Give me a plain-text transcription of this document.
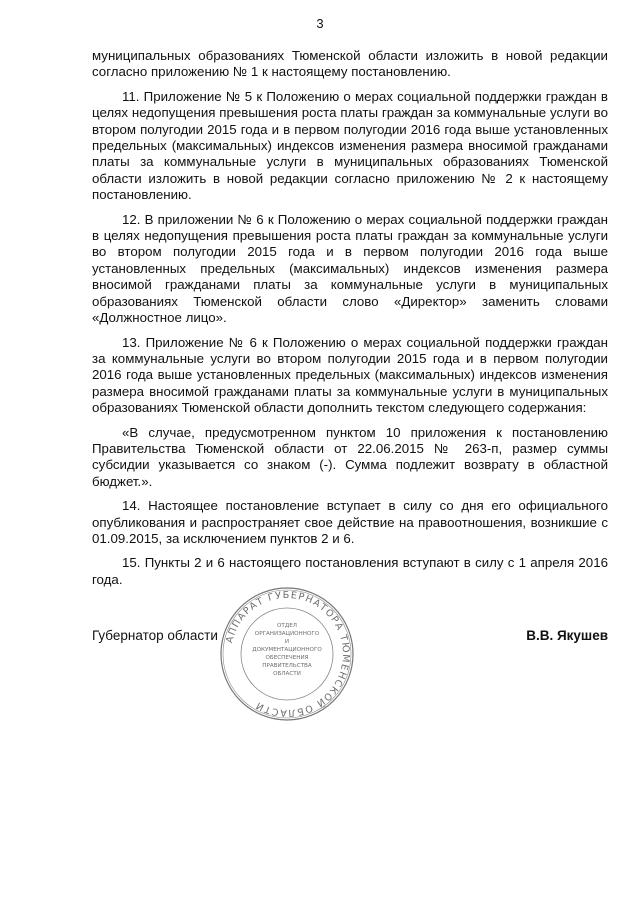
3

муниципальных образованиях Тюменской области изложить в новой редакции согласно приложению № 1 к настоящему постановлению.

11. Приложение № 5 к Положению о мерах социальной поддержки граждан в целях недопущения превышения роста платы граждан за коммунальные услуги во втором полугодии 2015 года и в первом полугодии 2016 года выше установленных предельных (максимальных) индексов изменения размера вносимой гражданами платы за коммунальные услуги в муниципальных образованиях Тюменской области изложить в новой редакции согласно приложению № 2 к настоящему постановлению.

12. В приложении № 6 к Положению о мерах социальной поддержки граждан в целях недопущения превышения роста платы граждан за коммунальные услуги во втором полугодии 2015 года и в первом полугодии 2016 года выше установленных предельных (максимальных) индексов изменения размера вносимой гражданами платы за коммунальные услуги в муниципальных образованиях Тюменской области слово «Директор» заменить словами «Должностное лицо».

13. Приложение № 6 к Положению о мерах социальной поддержки граждан за коммунальные услуги во втором полугодии 2015 года и в первом полугодии 2016 года выше установленных предельных (максимальных) индексов изменения размера вносимой гражданами платы за коммунальные услуги в муниципальных образованиях Тюменской области дополнить текстом следующего содержания:

«В случае, предусмотренном пунктом 10 приложения к постановлению Правительства Тюменской области от 22.06.2015 № 263-п, размер суммы субсидии указывается со знаком (-). Сумма подлежит возврату в областной бюджет.».

14. Настоящее постановление вступает в силу со дня его официального опубликования и распространяет свое действие на правоотношения, возникшие с 01.09.2015, за исключением пунктов 2 и 6.

15. Пункты 2 и 6 настоящего постановления вступают в силу с 1 апреля 2016 года.

Губернатор области	В.В. Якушев
АППАРАТ ГУБЕРНАТОРА ТЮМЕНСКОЙ ОБЛАСТИ
ОТДЕЛ
ОРГАНИЗАЦИОННОГО
И
ДОКУМЕНТАЦИОННОГО
ОБЕСПЕЧЕНИЯ
ПРАВИТЕЛЬСТВА
ОБЛАСТИ
